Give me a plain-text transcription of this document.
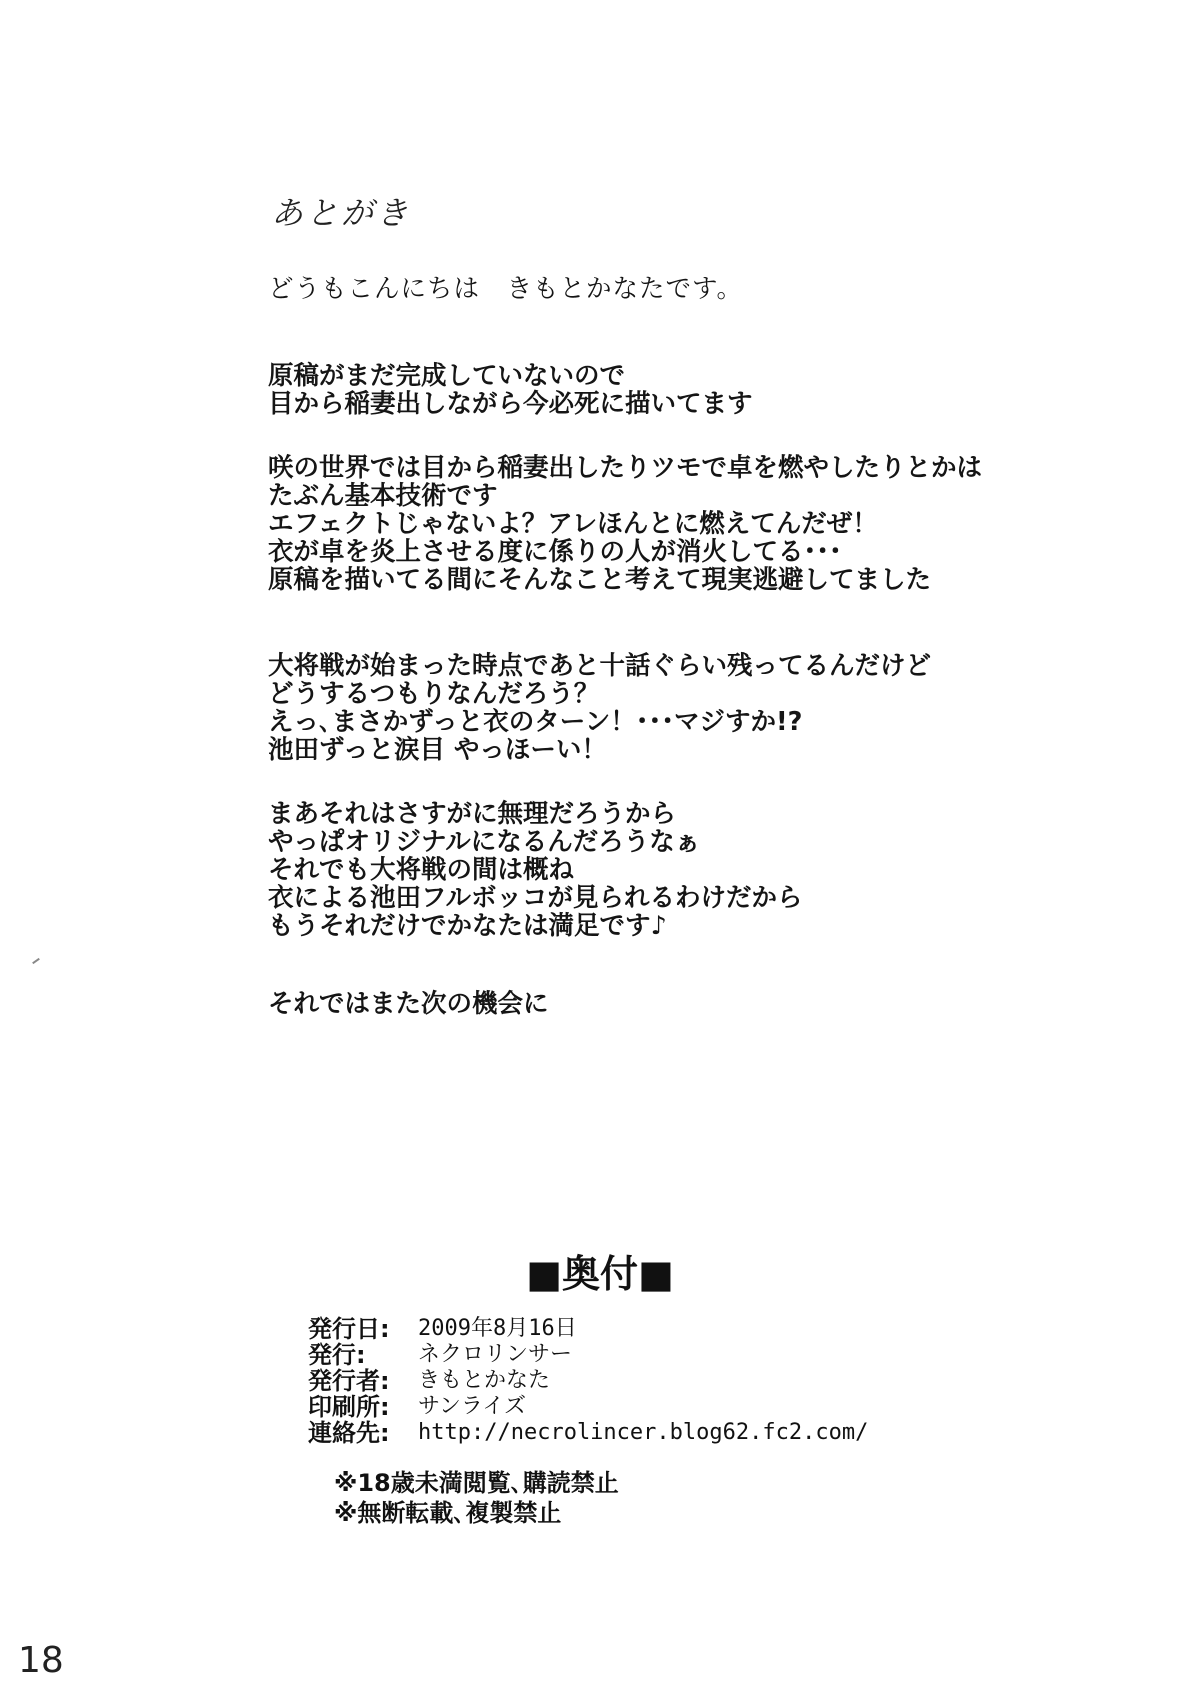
あとがき

どうもこんにちは　きもとかなたです。

原稿がまだ完成していないので
目から稲妻出しながら今必死に描いてます

咲の世界では目から稲妻出したりツモで卓を燃やしたりとかは
たぶん基本技術です
エフェクトじゃないよ？アレほんとに燃えてんだぜ！
衣が卓を炎上させる度に係りの人が消火してる･･･
原稿を描いてる間にそんなこと考えて現実逃避してました

大将戦が始まった時点であと十話ぐらい残ってるんだけど
どうするつもりなんだろう？
えっ､まさかずっと衣のターン！･･･マジすか!?
池田ずっと涙目 やっほーい！

まあそれはさすがに無理だろうから
やっぱオリジナルになるんだろうなぁ
それでも大将戦の間は概ね
衣による池田フルボッコが見られるわけだから
もうそれだけでかなたは満足です♪

それではまた次の機会に

■奥付■
発行日:	2009年8月16日
発行:	ネクロリンサー
発行者:	きもとかなた
印刷所:	サンライズ
連絡先:	http://necrolincer.blog62.fc2.com/
※18歳未満閲覧､購読禁止
※無断転載､複製禁止
18
